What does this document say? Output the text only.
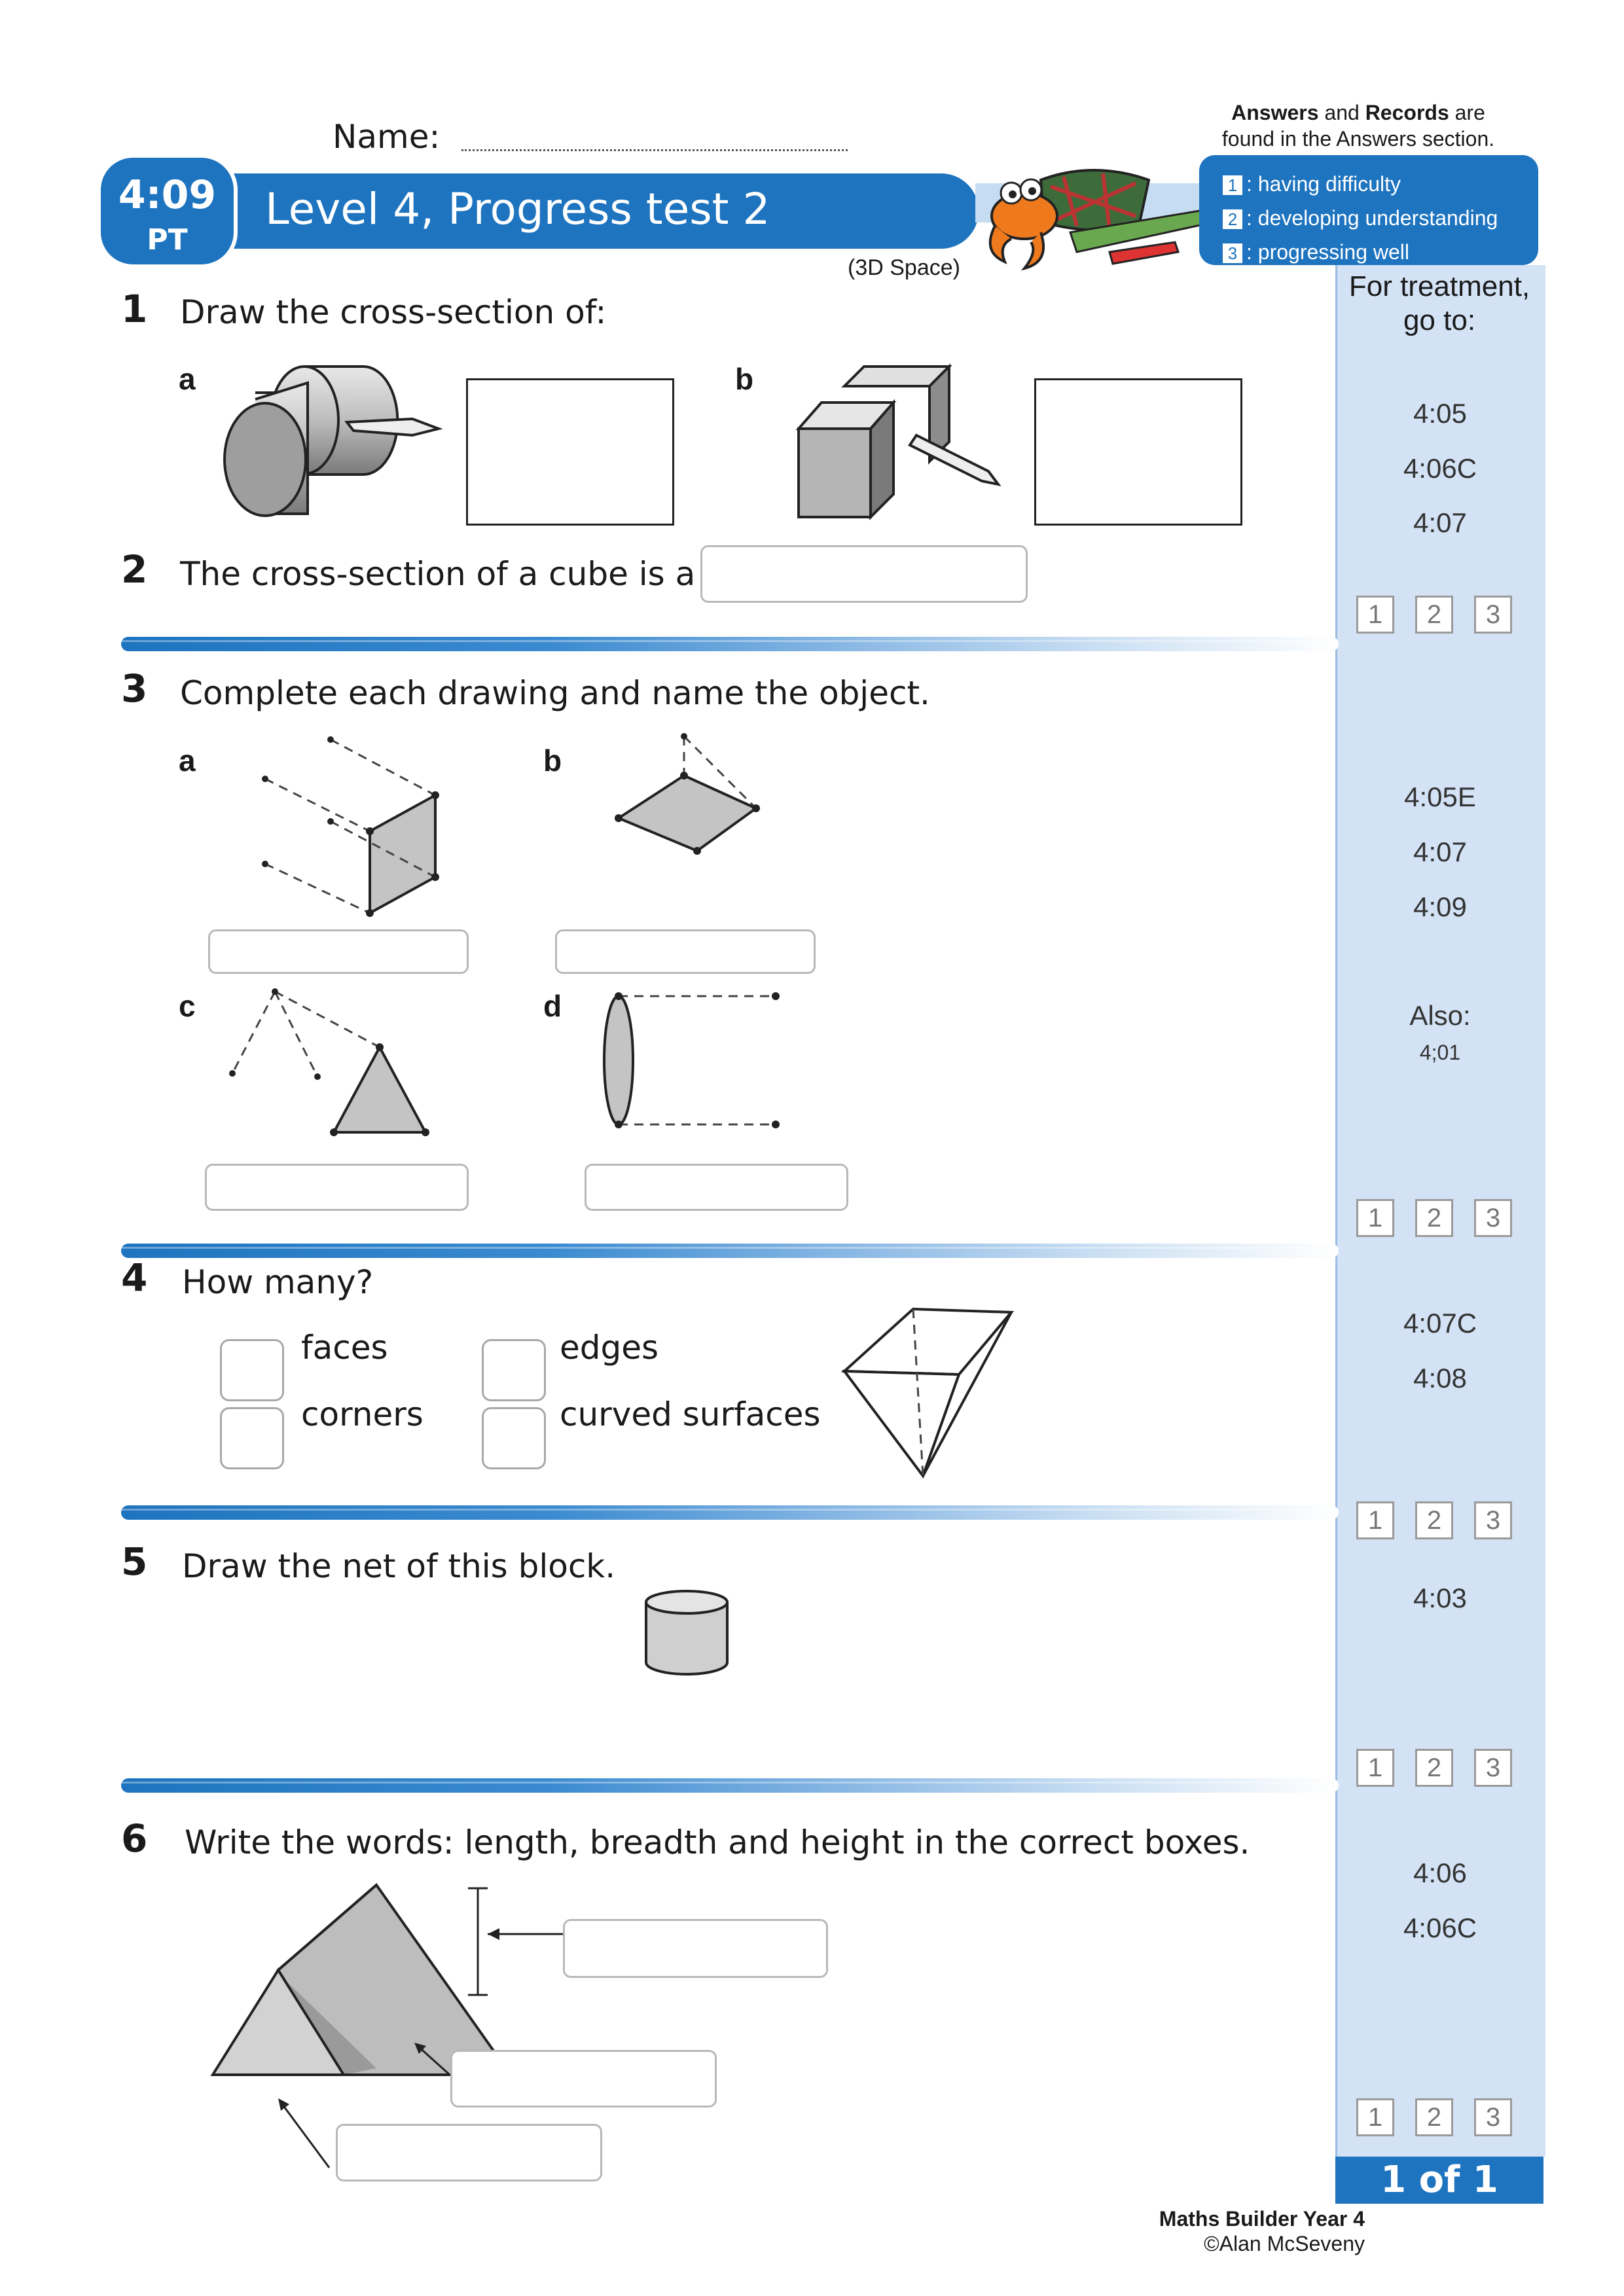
Name:
Level 4, Progress test 2
4:09
PT
(3D Space)
Answers and Records are
found in the Answers section.
1 : having difficulty
2 : developing understanding
3 : progressing well
For treatment, go to:
4:05
4:06C
4:07
4:05E
4:07
4:09
Also:
4;01
4:07C
4:08
4:03
4:06
4:06C
1	2	3
1	2	3
1	2	3
1	2	3
1	2	3
1 of 1
1 Draw the cross-section of:
a	b
2 The cross-section of a cube is a
3 Complete each drawing and name the object.
a	b
c	d
4 How many?
faces	edges
corners	curved surfaces
5 Draw the net of this block.
6 Write the words: length, breadth and height in the correct boxes.
Maths Builder Year 4
©Alan McSeveny
